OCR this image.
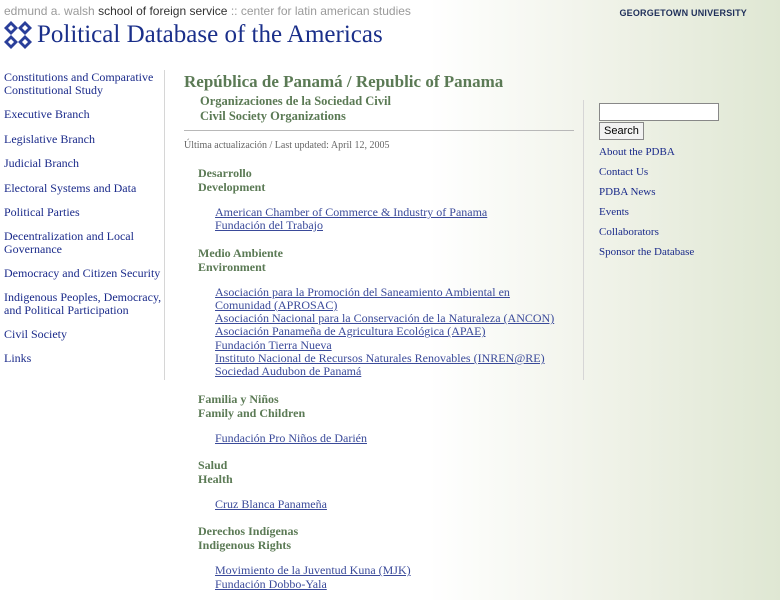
edmund a. walsh school of foreign service :: center for latin american studies	GEORGETOWN UNIVERSITY
Political Database of the Americas
Constitutions and Comparative Constitutional Study
Executive Branch
Legislative Branch
Judicial Branch
Electoral Systems and Data
Political Parties
Decentralization and Local Governance
Democracy and Citizen Security
Indigenous Peoples, Democracy, and Political Participation
Civil Society
Links
República de Panamá / Republic of Panama
Organizaciones de la Sociedad Civil
Civil Society Organizations
Última actualización / Last updated: April 12, 2005
Desarrollo
Development
American Chamber of Commerce & Industry of Panama
Fundación del Trabajo
Medio Ambiente
Environment
Asociación para la Promoción del Saneamiento Ambiental en Comunidad (APROSAC)
Asociación Nacional para la Conservación de la Naturaleza (ANCON)
Asociación Panameña de Agricultura Ecológica (APAE)
Fundación Tierra Nueva
Instituto Nacional de Recursos Naturales Renovables (INREN@RE)
Sociedad Audubon de Panamá
Familia y Niños
Family and Children
Fundación Pro Niños de Darién
Salud
Health
Cruz Blanca Panameña
Derechos Indígenas
Indigenous Rights
Movimiento de la Juventud Kuna (MJK)
Fundación Dobbo-Yala
Search
About the PDBA
Contact Us
PDBA News
Events
Collaborators
Sponsor the Database
